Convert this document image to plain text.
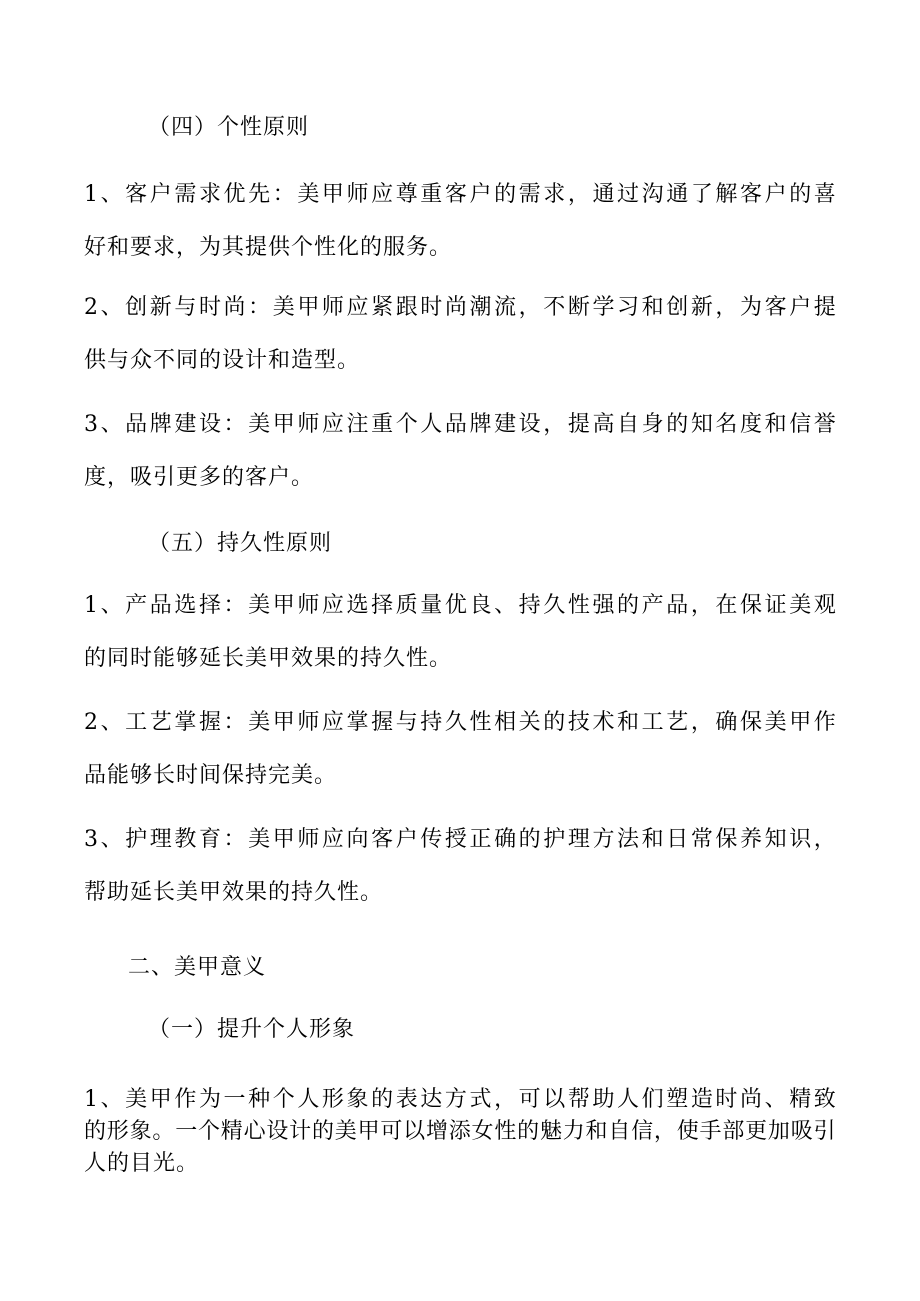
（四）个性原则
1 、 客 户 需 求 优 先 ： 美 甲 师 应 尊 重 客 户 的 需 求 ， 通 过 沟 通 了 解 客 户 的 喜
好和要求，为其提供个性化的服务。
2 、 创 新 与 时 尚 ： 美 甲 师 应 紧 跟 时 尚 潮 流 ， 不 断 学 习 和 创 新 ， 为 客 户 提
供与众不同的设计和造型。
3 、 品 牌 建 设 ： 美 甲 师 应 注 重 个 人 品 牌 建 设 ， 提 高 自 身 的 知 名 度 和 信 誉
度，吸引更多的客户。
（五）持久性原则
1 、 产 品 选 择 ： 美 甲 师 应 选 择 质 量 优 良 、 持 久 性 强 的 产 品 ， 在 保 证 美 观
的同时能够延长美甲效果的持久性。
2 、 工 艺 掌 握 ： 美 甲 师 应 掌 握 与 持 久 性 相 关 的 技 术 和 工 艺 ， 确 保 美 甲 作
品能够长时间保持完美。
3 、 护 理 教 育 ： 美 甲 师 应 向 客 户 传 授 正 确 的 护 理 方 法 和 日 常 保 养 知 识 ，
帮助延长美甲效果的持久性。
二、美甲意义
（一）提升个人形象
1 、 美 甲 作 为 一 种 个 人 形 象 的 表 达 方 式 ， 可 以 帮 助 人 们 塑 造 时 尚 、 精 致
的 形 象 。 一 个 精 心 设 计 的 美 甲 可 以 增 添 女 性 的 魅 力 和 自 信 ， 使 手 部 更 加 吸 引
人的目光。
